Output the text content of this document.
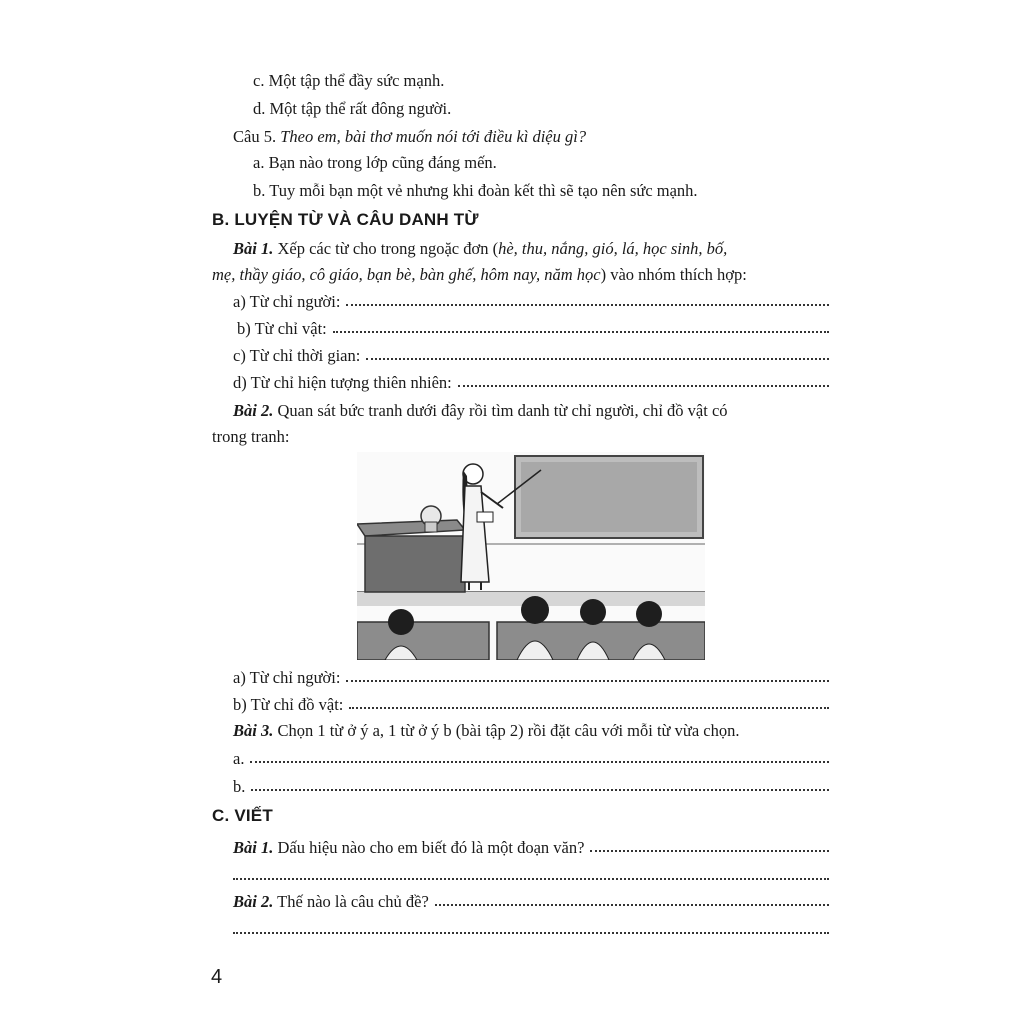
c. Một tập thể đầy sức mạnh.
d. Một tập thể rất đông người.
Câu 5. Theo em, bài thơ muốn nói tới điều kì diệu gì?
a. Bạn nào trong lớp cũng đáng mến.
b. Tuy mỗi bạn một vẻ nhưng khi đoàn kết thì sẽ tạo nên sức mạnh.
B. LUYỆN TỪ VÀ CÂU DANH TỪ
Bài 1. Xếp các từ cho trong ngoặc đơn (hè, thu, nắng, gió, lá, học sinh, bố,
mẹ, thầy giáo, cô giáo, bạn bè, bàn ghế, hôm nay, năm học) vào nhóm thích hợp:
a) Từ chỉ người:
b) Từ chỉ vật:
c) Từ chỉ thời gian:
d) Từ chỉ hiện tượng thiên nhiên:
Bài 2. Quan sát bức tranh dưới đây rồi tìm danh từ chỉ người, chỉ đồ vật có
trong tranh:
a) Từ chỉ người:
b) Từ chỉ đồ vật:
Bài 3. Chọn 1 từ ở ý a, 1 từ ở ý b (bài tập 2) rồi đặt câu với mỗi từ vừa chọn.
a.
b.
C. VIẾT
Bài 1. Dấu hiệu nào cho em biết đó là một đoạn văn?
Bài 2. Thế nào là câu chủ đề?
4
